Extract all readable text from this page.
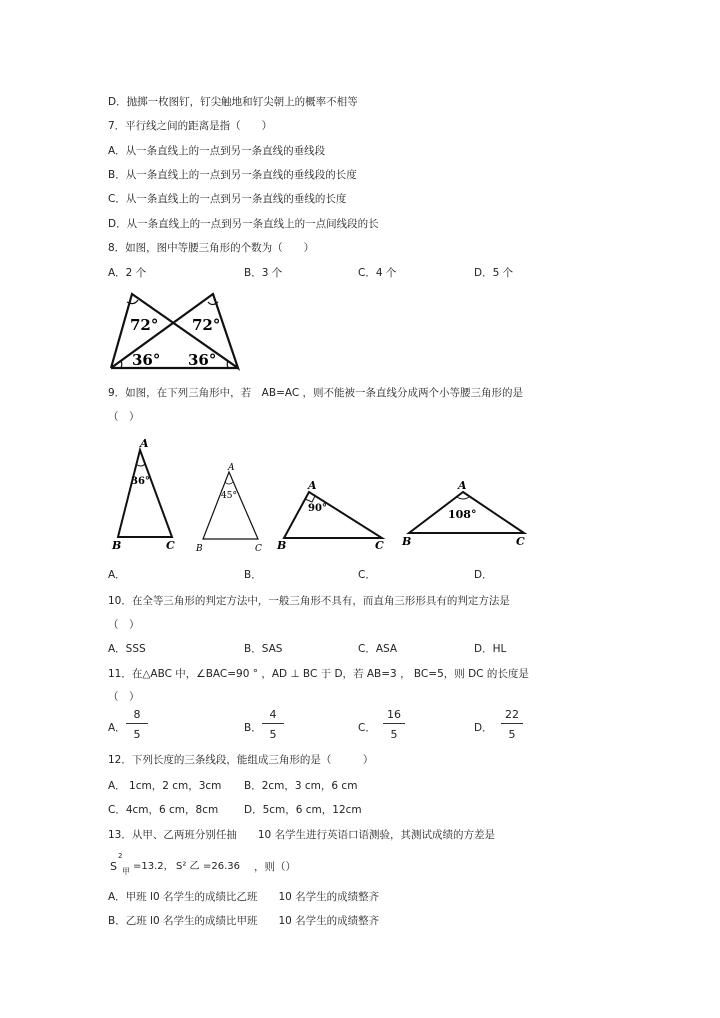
D．抛掷一枚图钉，钉尖触地和钉尖朝上的概率不相等
7．平行线之间的距离是指（　　）
A．从一条直线上的一点到另一条直线的垂线段
B．从一条直线上的一点到另一条直线的垂线段的长度
C．从一条直线上的一点到另一条直线的垂线的长度
D．从一条直线上的一点到另一条直线上的一点间线段的长
8．如图，图中等腰三角形的个数为（　　）
A．2 个	B．3 个	C．4 个	D．5 个
72° 72°
36° 36°
9．如图，在下列三角形中，若　AB=AC ，则不能被一条直线分成两个小等腰三角形的是
（　）
A
36°
B	C
A
45°
B	C
A
90°
B	C
A
108°
B	C
A．	B．	C．	D．
10．在全等三角形的判定方法中，一般三角形不具有，而直角三形形具有的判定方法是
（　）
A．SSS	B．SAS	C．ASA	D．HL
11．在△ABC 中，∠BAC=90 ° ，AD ⊥ BC 于 D，若 AB=3 ， BC=5，则 DC 的长度是
（　）
A． $\frac{8}{5}$	B． $\frac{4}{5}$	C． $\frac{16}{5}$	D． $\frac{22}{5}$
12．下列长度的三条线段，能组成三角形的是（　　　）
A． 1cm，2 cm，3cm B．2cm，3 cm，6 cm
C．4cm，6 cm，8cm D．5cm，6 cm，12cm
13．从甲、乙两班分别任抽　　10 名学生进行英语口语测验，其测试成绩的方差是
2
S 甲 =13.2， S² 乙 =26.36 ，则（）
A．甲班 l0 名学生的成绩比乙班　　10 名学生的成绩整齐
B．乙班 l0 名学生的成绩比甲班　　10 名学生的成绩整齐
